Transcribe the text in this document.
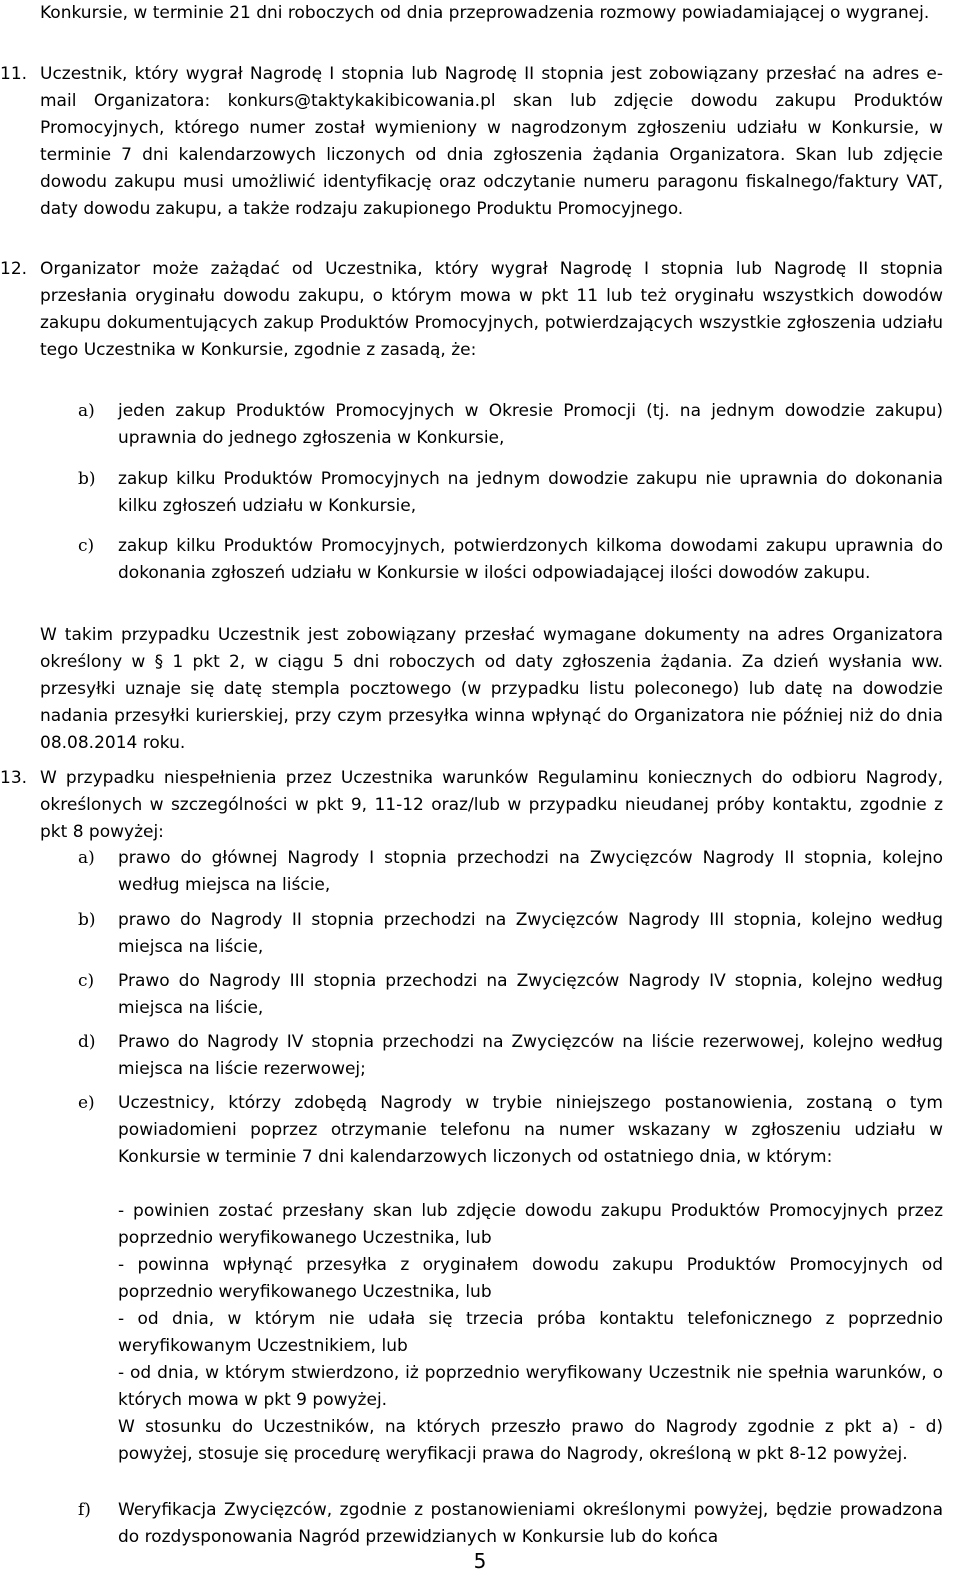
Konkursie, w terminie 21 dni roboczych od dnia przeprowadzenia rozmowy powiadamiającej o wygranej.

11. Uczestnik, który wygrał Nagrodę I stopnia lub Nagrodę II stopnia jest zobowiązany przesłać na adres e-mail Organizatora: konkurs@taktykakibicowania.pl skan lub zdjęcie dowodu zakupu Produktów Promocyjnych, którego numer został wymieniony w nagrodzonym zgłoszeniu udziału w Konkursie, w terminie 7 dni kalendarzowych liczonych od dnia zgłoszenia żądania Organizatora. Skan lub zdjęcie dowodu zakupu musi umożliwić identyfikację oraz odczytanie numeru paragonu fiskalnego/faktury VAT, daty dowodu zakupu, a także rodzaju zakupionego Produktu Promocyjnego.

12. Organizator może zażądać od Uczestnika, który wygrał Nagrodę I stopnia lub Nagrodę II stopnia przesłania oryginału dowodu zakupu, o którym mowa w pkt 11 lub też oryginału wszystkich dowodów zakupu dokumentujących zakup Produktów Promocyjnych, potwierdzających wszystkie zgłoszenia udziału tego Uczestnika w Konkursie, zgodnie z zasadą, że:

a) jeden zakup Produktów Promocyjnych w Okresie Promocji (tj. na jednym dowodzie zakupu) uprawnia do jednego zgłoszenia w Konkursie,

b) zakup kilku Produktów Promocyjnych na jednym dowodzie zakupu nie uprawnia do dokonania kilku zgłoszeń udziału w Konkursie,

c) zakup kilku Produktów Promocyjnych, potwierdzonych kilkoma dowodami zakupu uprawnia do dokonania zgłoszeń udziału w Konkursie w ilości odpowiadającej ilości dowodów zakupu.

W takim przypadku Uczestnik jest zobowiązany przesłać wymagane dokumenty na adres Organizatora określony w § 1 pkt 2, w ciągu 5 dni roboczych od daty zgłoszenia żądania. Za dzień wysłania ww. przesyłki uznaje się datę stempla pocztowego (w przypadku listu poleconego) lub datę na dowodzie nadania przesyłki kurierskiej, przy czym przesyłka winna wpłynąć do Organizatora nie później niż do dnia 08.08.2014 roku.

13. W przypadku niespełnienia przez Uczestnika warunków Regulaminu koniecznych do odbioru Nagrody, określonych w szczególności w pkt 9, 11-12 oraz/lub w przypadku nieudanej próby kontaktu, zgodnie z pkt 8 powyżej:

a) prawo do głównej Nagrody I stopnia przechodzi na Zwycięzców Nagrody II stopnia, kolejno według miejsca na liście,

b) prawo do Nagrody II stopnia przechodzi na Zwycięzców Nagrody III stopnia, kolejno według miejsca na liście,

c) Prawo do Nagrody III stopnia przechodzi na Zwycięzców Nagrody IV stopnia, kolejno według miejsca na liście,

d) Prawo do Nagrody IV stopnia przechodzi na Zwycięzców na liście rezerwowej, kolejno według miejsca na liście rezerwowej;

e) Uczestnicy, którzy zdobędą Nagrody w trybie niniejszego postanowienia, zostaną o tym powiadomieni poprzez otrzymanie telefonu na numer wskazany w zgłoszeniu udziału w Konkursie w terminie 7 dni kalendarzowych liczonych od ostatniego dnia, w którym:

- powinien zostać przesłany skan lub zdjęcie dowodu zakupu Produktów Promocyjnych przez poprzednio weryfikowanego Uczestnika, lub

- powinna wpłynąć przesyłka z oryginałem dowodu zakupu Produktów Promocyjnych od poprzednio weryfikowanego Uczestnika, lub

- od dnia, w którym nie udała się trzecia próba kontaktu telefonicznego z poprzednio weryfikowanym Uczestnikiem, lub

- od dnia, w którym stwierdzono, iż poprzednio weryfikowany Uczestnik nie spełnia warunków, o których mowa w pkt 9 powyżej.

W stosunku do Uczestników, na których przeszło prawo do Nagrody zgodnie z pkt a) - d) powyżej, stosuje się procedurę weryfikacji prawa do Nagrody, określoną w pkt 8-12 powyżej.

f) Weryfikacja Zwycięzców, zgodnie z postanowieniami określonymi powyżej, będzie prowadzona do rozdysponowania Nagród przewidzianych w Konkursie lub do końca

5
